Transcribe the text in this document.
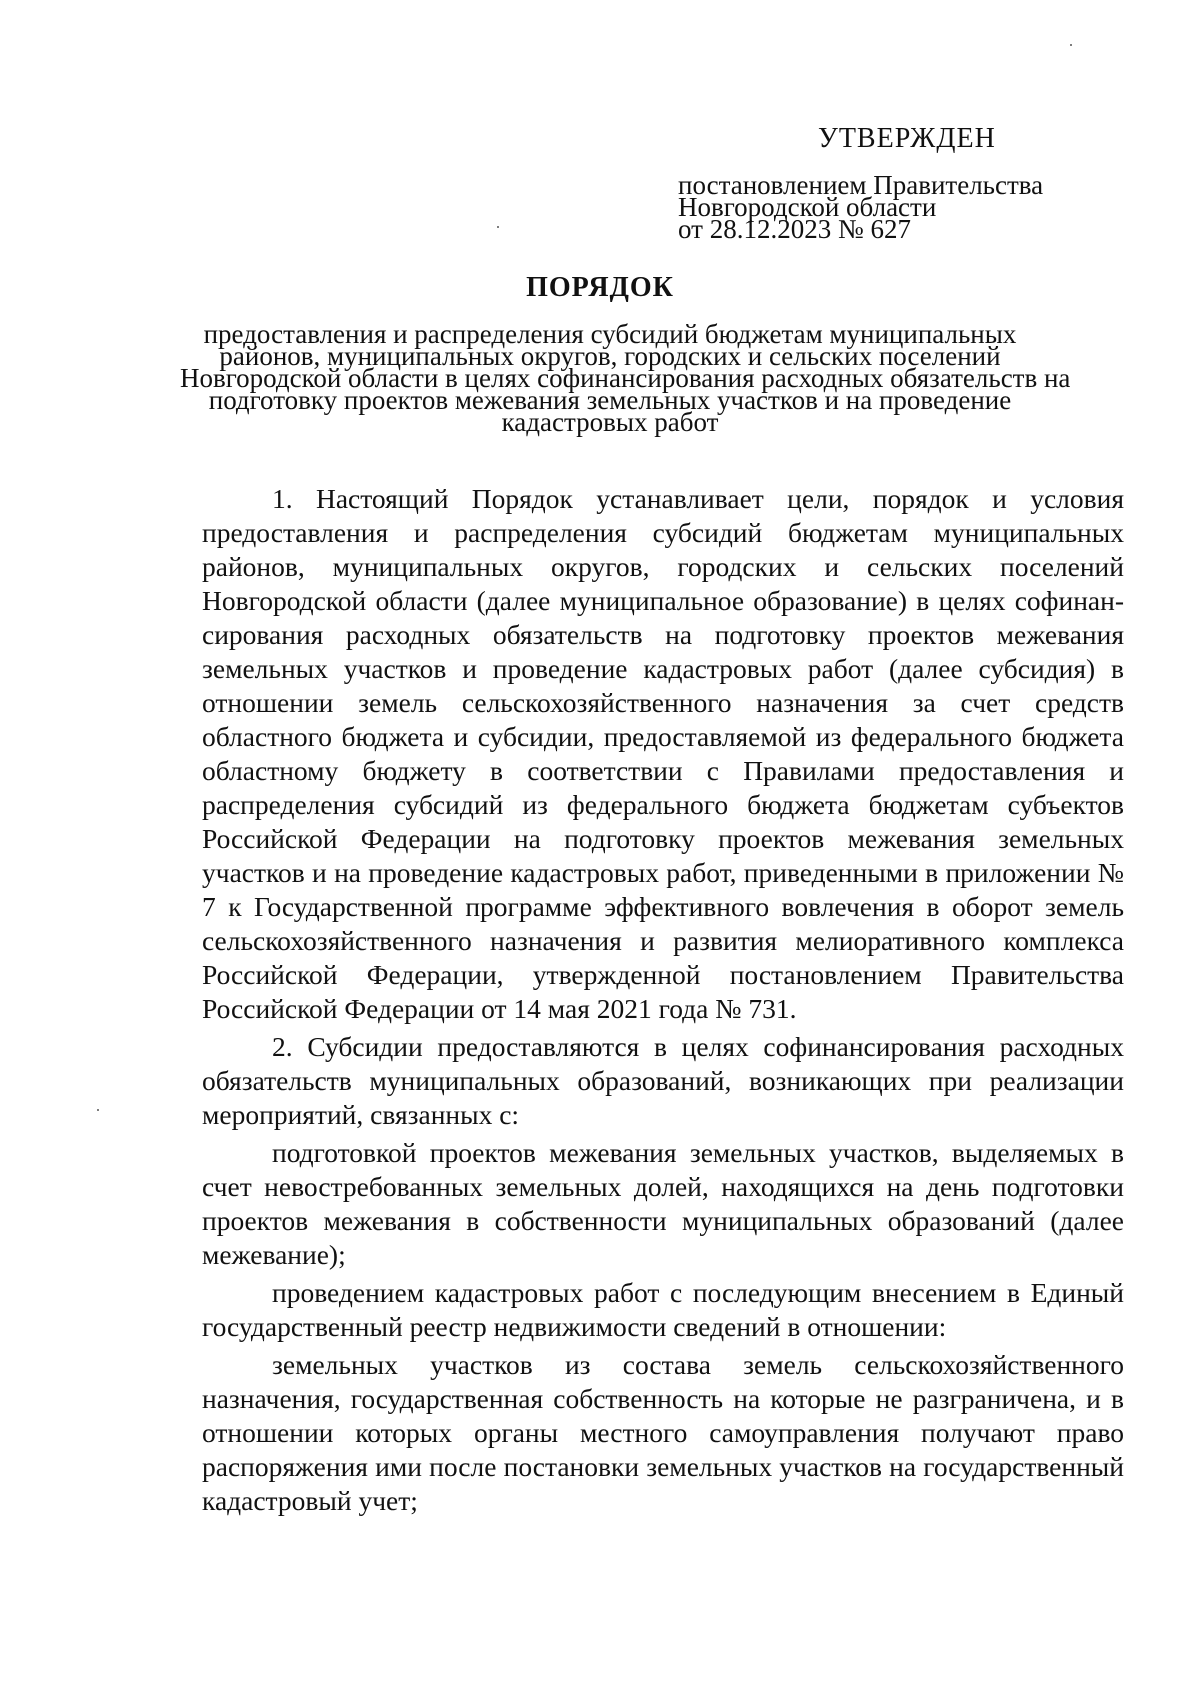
УТВЕРЖДЕН
постановлением Правительства
Новгородской области
от 28.12.2023 № 627
ПОРЯДОК
предоставления и распределения субсидий бюджетам муниципальных
районов, муниципальных округов, городских и сельских поселений
Новгородской области в целях софинансирования расходных обязательств на
подготовку проектов межевания земельных участков и на проведение
кадастровых работ

1. Настоящий Порядок устанавливает цели, порядок и условия предоставления и распределения субсидий бюджетам муниципальных районов, муниципальных округов, городских и сельских поселений Новгородской области (далее муниципальное образование) в целях софинан-сирования расходных обязательств на подготовку проектов межевания земельных участков и проведение кадастровых работ (далее субсидия) в отношении земель сельскохозяйственного назначения за счет средств областного бюджета и субсидии, предоставляемой из федерального бюджета областному бюджету в соответствии с Правилами предоставления и распределения субсидий из федерального бюджета бюджетам субъектов Российской Федерации на подготовку проектов межевания земельных участков и на проведение кадастровых работ, приведенными в приложении № 7 к Государственной программе эффективного вовлечения в оборот земель сельскохозяйственного назначения и развития мелиоративного комплекса Российской Федерации, утвержденной постановлением Правительства Российской Федерации от 14 мая 2021 года № 731.

2. Субсидии предоставляются в целях софинансирования расходных обязательств муниципальных образований, возникающих при реализации мероприятий, связанных с:

подготовкой проектов межевания земельных участков, выделяемых в счет невостребованных земельных долей, находящихся на день подготовки проектов межевания в собственности муниципальных образований (далее межевание);

проведением кадастровых работ с последующим внесением в Единый государственный реестр недвижимости сведений в отношении:

земельных участков из состава земель сельскохозяйственного назначения, государственная собственность на которые не разграничена, и в отношении которых органы местного самоуправления получают право распоряжения ими после постановки земельных участков на государственный кадастровый учет;
